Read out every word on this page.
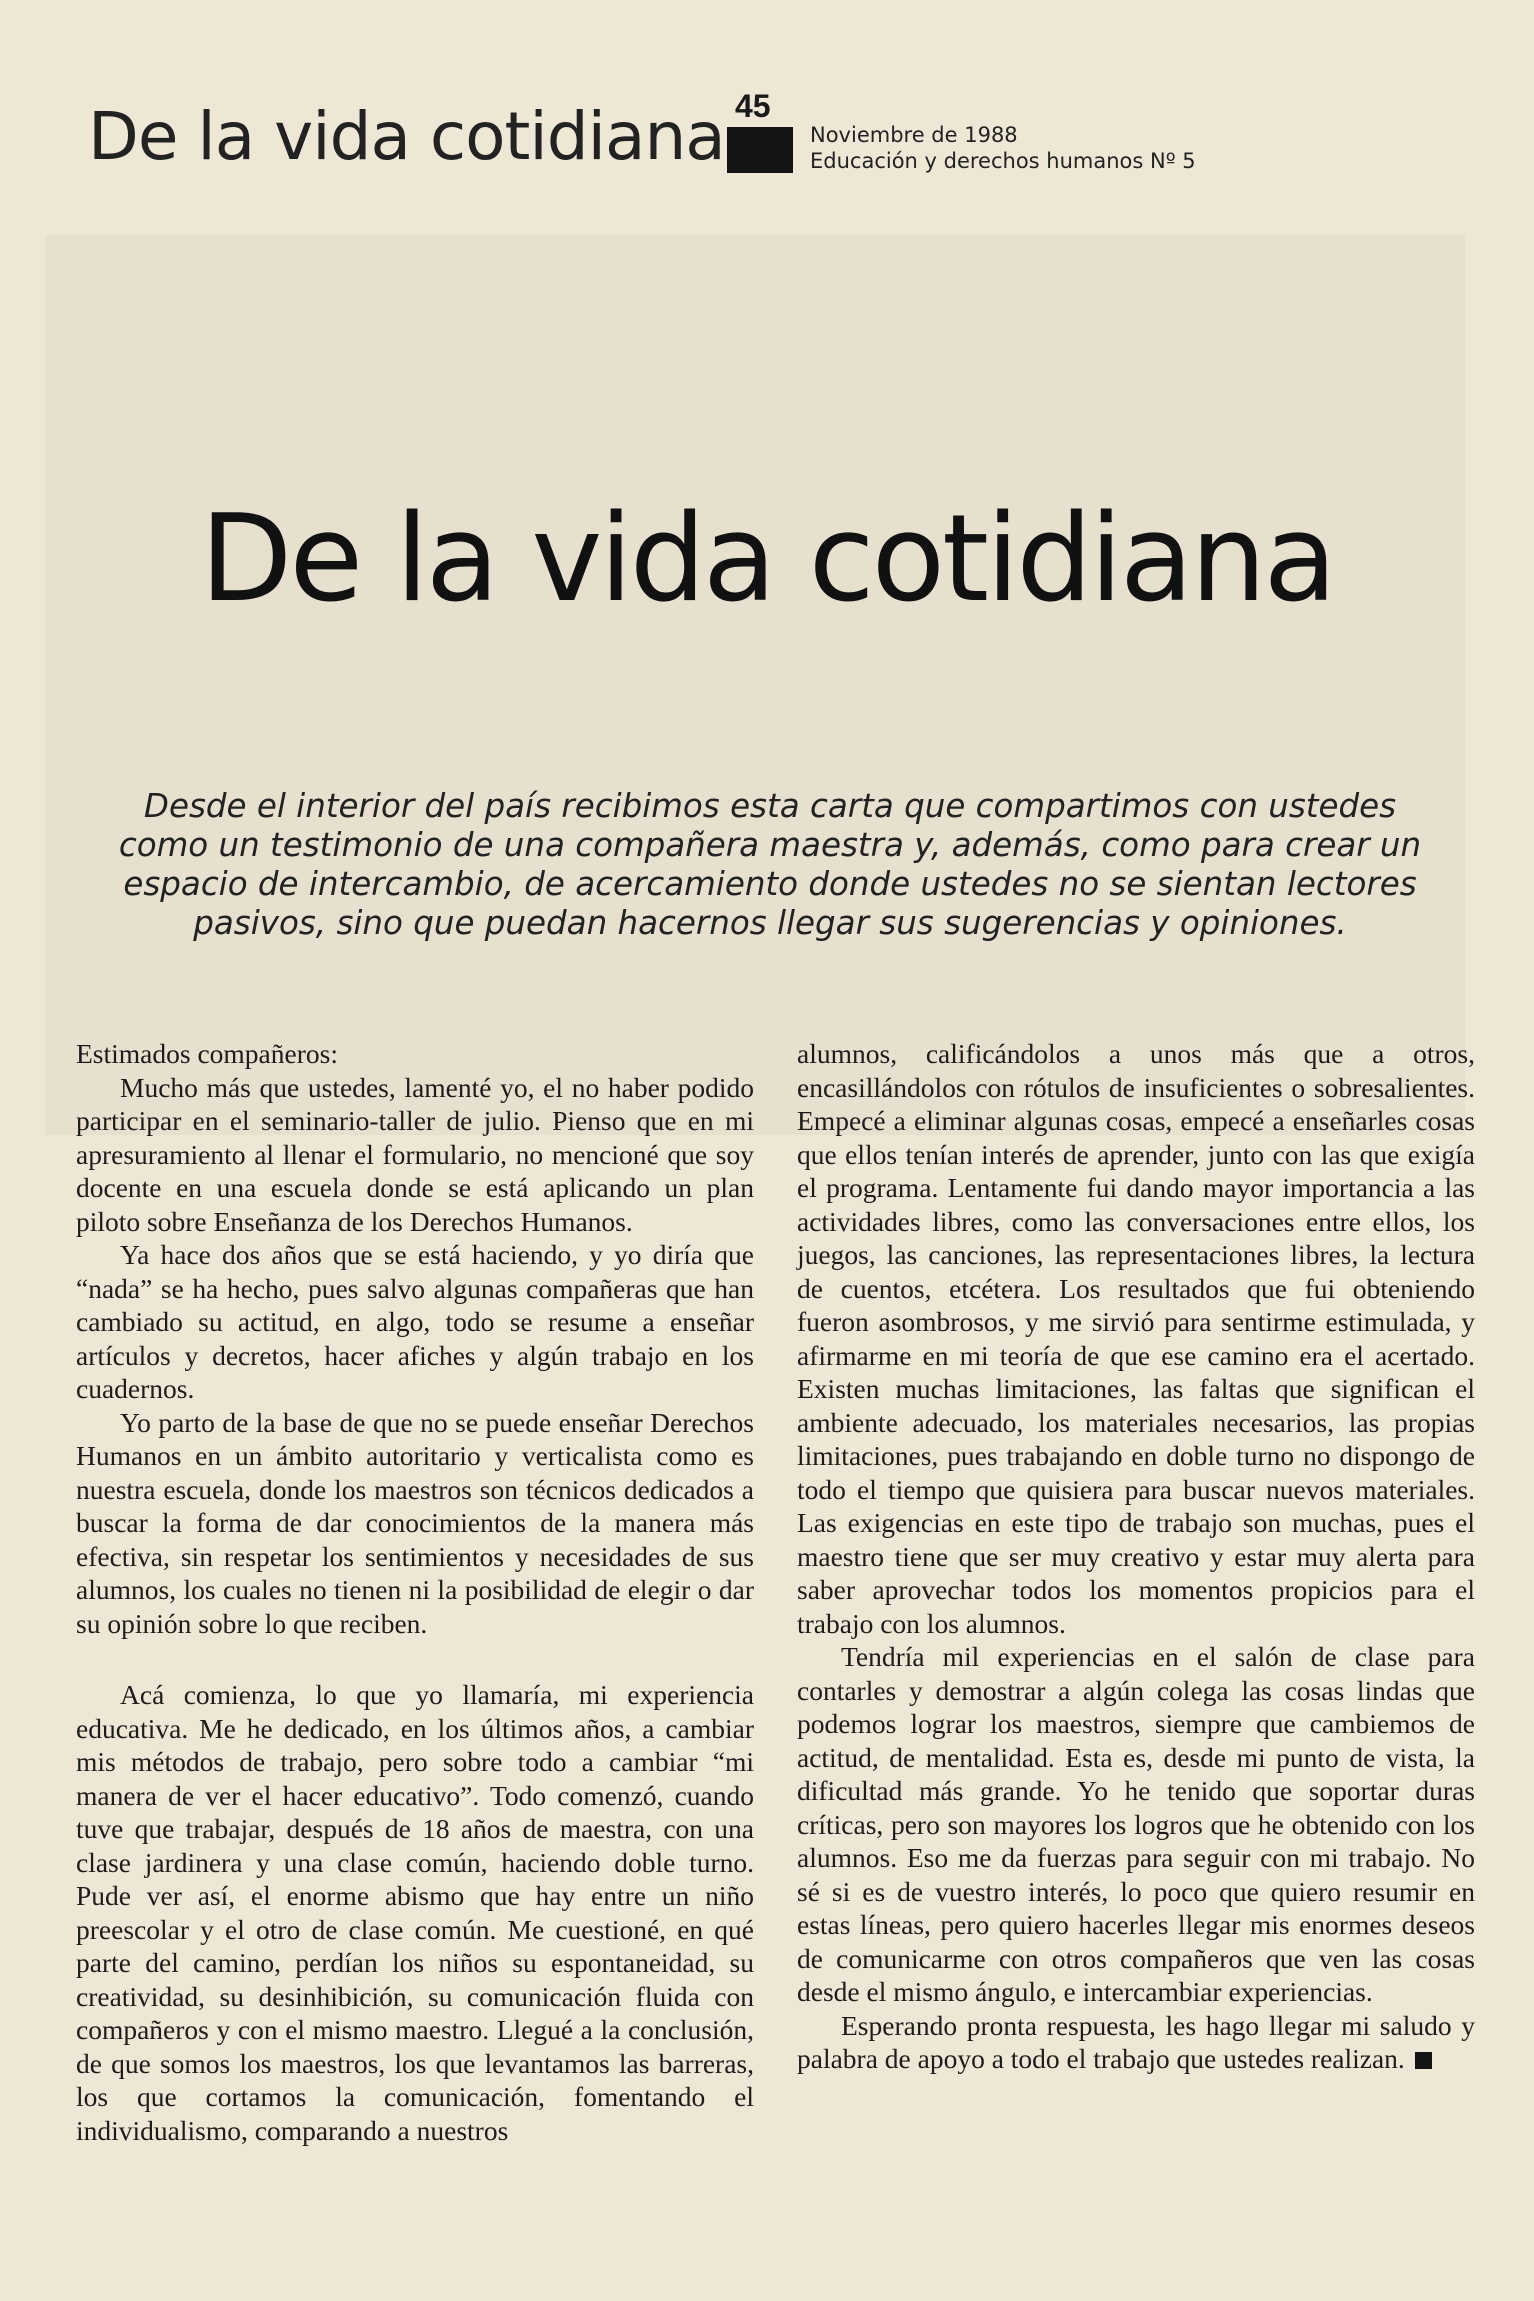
De la vida cotidiana 45
Noviembre de 1988
Educación y derechos humanos Nº 5
De la vida cotidiana

Desde el interior del país recibimos esta carta que compartimos con ustedes como un testimonio de una compañera maestra y, además, como para crear un espacio de intercambio, de acercamiento donde ustedes no se sientan lectores pasivos, sino que puedan hacernos llegar sus sugerencias y opiniones.

Estimados compañeros:

Mucho más que ustedes, lamenté yo, el no haber podido participar en el seminario-taller de julio. Pienso que en mi apresuramiento al llenar el formulario, no mencioné que soy docente en una escuela donde se está aplicando un plan piloto sobre Enseñanza de los Derechos Humanos.

Ya hace dos años que se está haciendo, y yo diría que “nada” se ha hecho, pues salvo algunas compañeras que han cambiado su actitud, en algo, todo se resume a enseñar artículos y decretos, hacer afiches y algún trabajo en los cuadernos.

Yo parto de la base de que no se puede enseñar Derechos Humanos en un ámbito autoritario y verticalista como es nuestra escuela, donde los maestros son técnicos dedicados a buscar la forma de dar conocimientos de la manera más efectiva, sin respetar los sentimientos y necesidades de sus alumnos, los cuales no tienen ni la posibilidad de elegir o dar su opinión sobre lo que reciben.

Acá comienza, lo que yo llamaría, mi experiencia educativa. Me he dedicado, en los últimos años, a cambiar mis métodos de trabajo, pero sobre todo a cambiar “mi manera de ver el hacer educativo”. Todo comenzó, cuando tuve que trabajar, después de 18 años de maestra, con una clase jardinera y una clase común, haciendo doble turno. Pude ver así, el enorme abismo que hay entre un niño preescolar y el otro de clase común. Me cuestioné, en qué parte del camino, perdían los niños su espontaneidad, su creatividad, su desinhibición, su comunicación fluida con compañeros y con el mismo maestro. Llegué a la conclusión, de que somos los maestros, los que levantamos las barreras, los que cortamos la comunicación, fomentando el individualismo, comparando a nuestros

alumnos, calificándolos a unos más que a otros, encasillándolos con rótulos de insuficientes o sobresalientes. Empecé a eliminar algunas cosas, empecé a enseñarles cosas que ellos tenían interés de aprender, junto con las que exigía el programa. Lentamente fui dando mayor importancia a las actividades libres, como las conversaciones entre ellos, los juegos, las canciones, las representaciones libres, la lectura de cuentos, etcétera. Los resultados que fui obteniendo fueron asombrosos, y me sirvió para sentirme estimulada, y afirmarme en mi teoría de que ese camino era el acertado. Existen muchas limitaciones, las faltas que significan el ambiente adecuado, los materiales necesarios, las propias limitaciones, pues trabajando en doble turno no dispongo de todo el tiempo que quisiera para buscar nuevos materiales. Las exigencias en este tipo de trabajo son muchas, pues el maestro tiene que ser muy creativo y estar muy alerta para saber aprovechar todos los momentos propicios para el trabajo con los alumnos.

Tendría mil experiencias en el salón de clase para contarles y demostrar a algún colega las cosas lindas que podemos lograr los maestros, siempre que cambiemos de actitud, de mentalidad. Esta es, desde mi punto de vista, la dificultad más grande. Yo he tenido que soportar duras críticas, pero son mayores los logros que he obtenido con los alumnos. Eso me da fuerzas para seguir con mi trabajo. No sé si es de vuestro interés, lo poco que quiero resumir en estas líneas, pero quiero hacerles llegar mis enormes deseos de comunicarme con otros compañeros que ven las cosas desde el mismo ángulo, e intercambiar experiencias.

Esperando pronta respuesta, les hago llegar mi saludo y palabra de apoyo a todo el trabajo que ustedes realizan.
